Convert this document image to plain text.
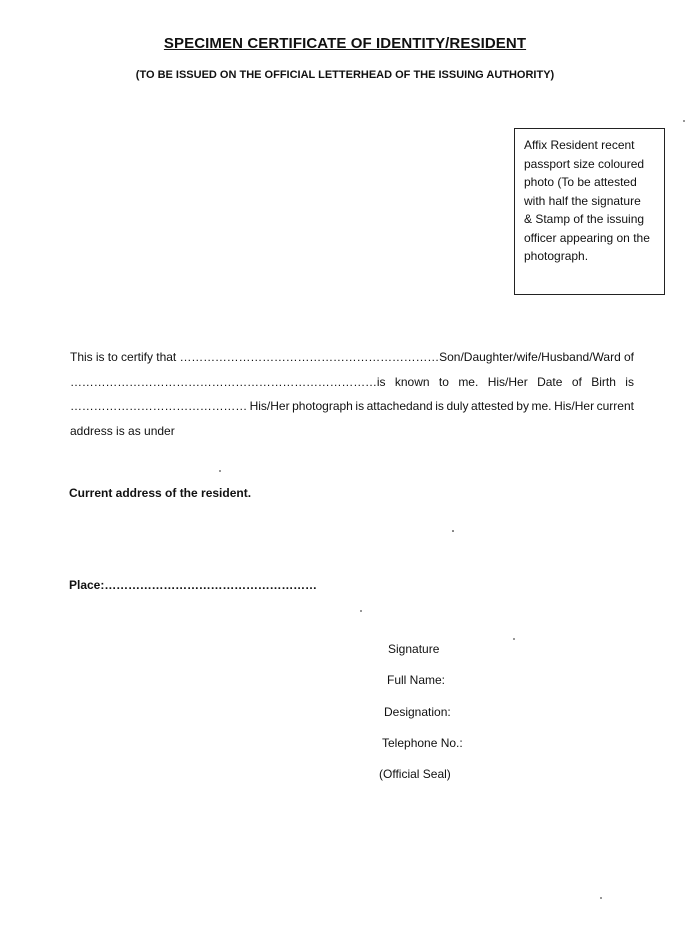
SPECIMEN CERTIFICATE OF IDENTITY/RESIDENT
(TO BE ISSUED ON THE OFFICIAL LETTERHEAD OF THE ISSUING AUTHORITY)
Affix Resident recent
passport size coloured
photo (To be attested
with half the signature
& Stamp of the issuing
officer appearing on the
photograph.
This is to certify that …………………………………………………………Son/Daughter/wife/Husband/Ward of
……………………………………………………………………is known to me. His/Her Date of Birth is
……………………………………… His/Her photograph is attachedand is duly attested by me. His/Her current
address is as under
Current address of the resident.
Place:………………………………………………
Signature
Full Name:
Designation:
Telephone No.:
(Official Seal)
